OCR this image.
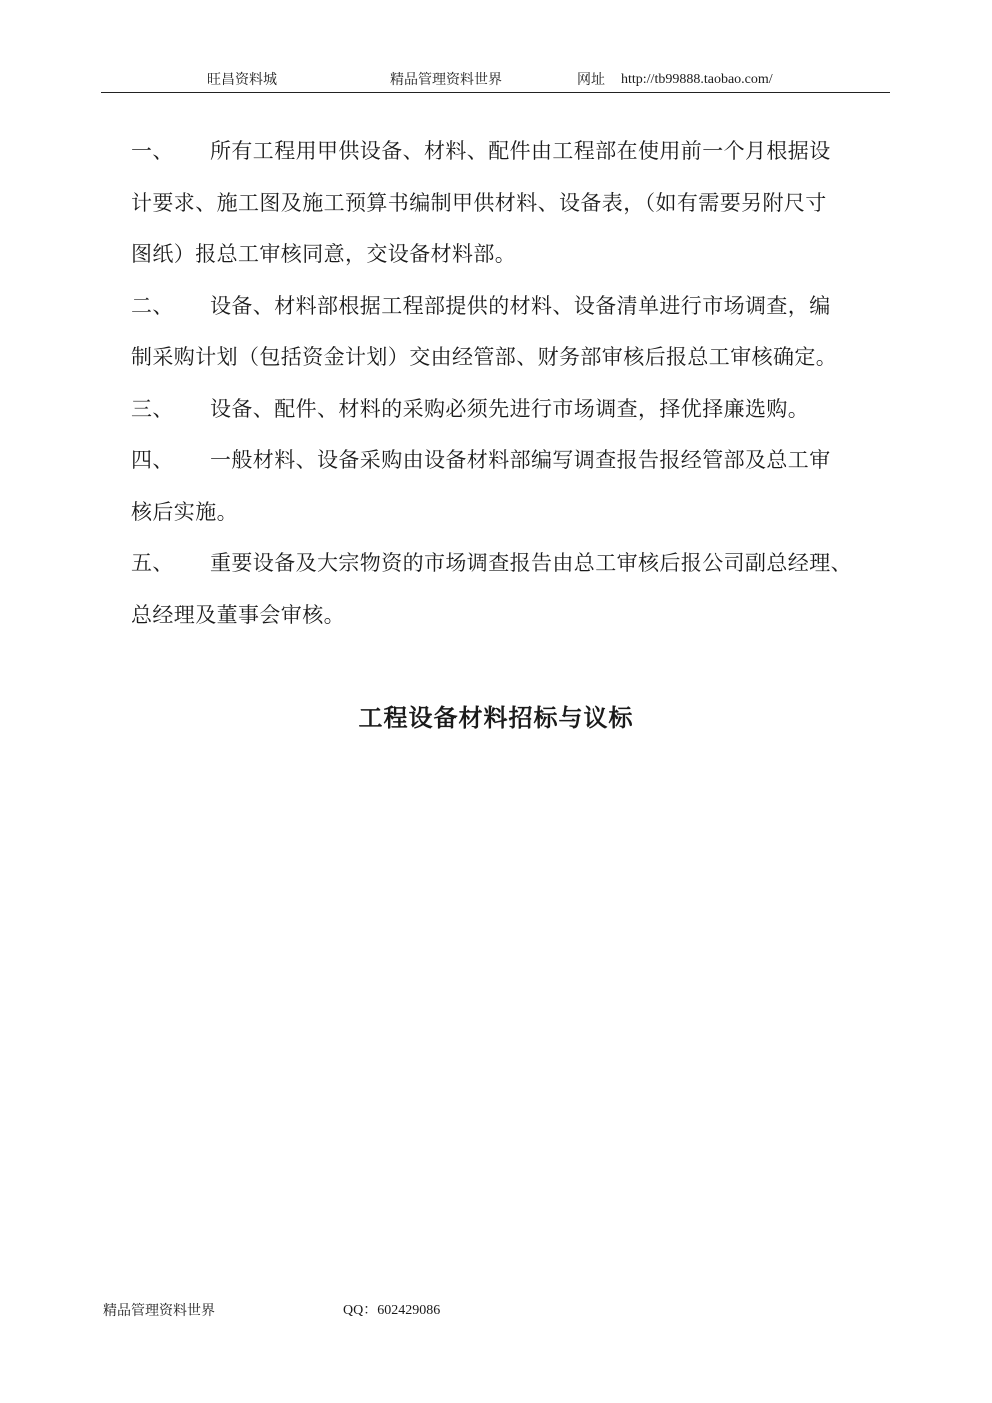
旺昌资料城	精品管理资料世界	网址 http://tb99888.taobao.com/

一、 所有工程用甲供设备、材料、配件由工程部在使用前一个月根据设

计要求、施工图及施工预算书编制甲供材料、设备表，（如有需要另附尺寸

图纸）报总工审核同意，交设备材料部。

二、 设备、材料部根据工程部提供的材料、设备清单进行市场调查，编

制采购计划（包括资金计划）交由经管部、财务部审核后报总工审核确定。

三、 设备、配件、材料的采购必须先进行市场调查，择优择廉选购。

四、 一般材料、设备采购由设备材料部编写调查报告报经管部及总工审

核后实施。

五、 重要设备及大宗物资的市场调查报告由总工审核后报公司副总经理、

总经理及董事会审核。

工程设备材料招标与议标
精品管理资料世界	QQ：602429086
